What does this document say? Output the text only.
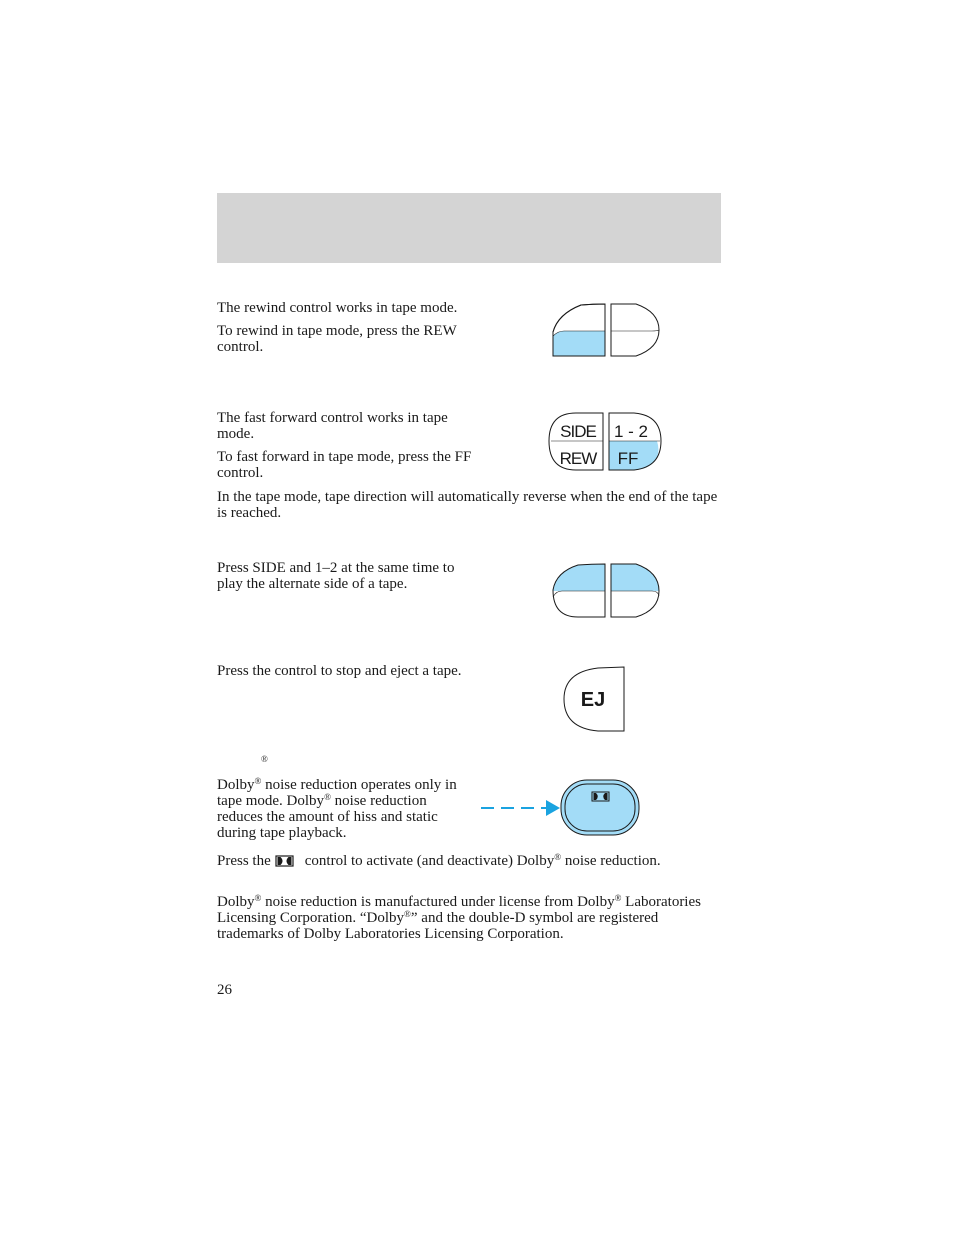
The rewind control works in tape mode.

To rewind in tape mode, press the REW control.

The fast forward control works in tape mode.

To fast forward in tape mode, press the FF control.

SIDE 1 - 2
REW FF

In the tape mode, tape direction will automatically reverse when the end of the tape is reached.

Press SIDE and 1–2 at the same time to play the alternate side of a tape.

Press the control to stop and eject a tape.

EJ
®

Dolby® noise reduction operates only in tape mode. Dolby® noise reduction reduces the amount of hiss and static during tape playback.

Press the control to activate (and deactivate) Dolby® noise reduction.

Dolby® noise reduction is manufactured under license from Dolby® Laboratories Licensing Corporation. “Dolby®” and the double-D symbol are registered trademarks of Dolby Laboratories Licensing Corporation.

26
